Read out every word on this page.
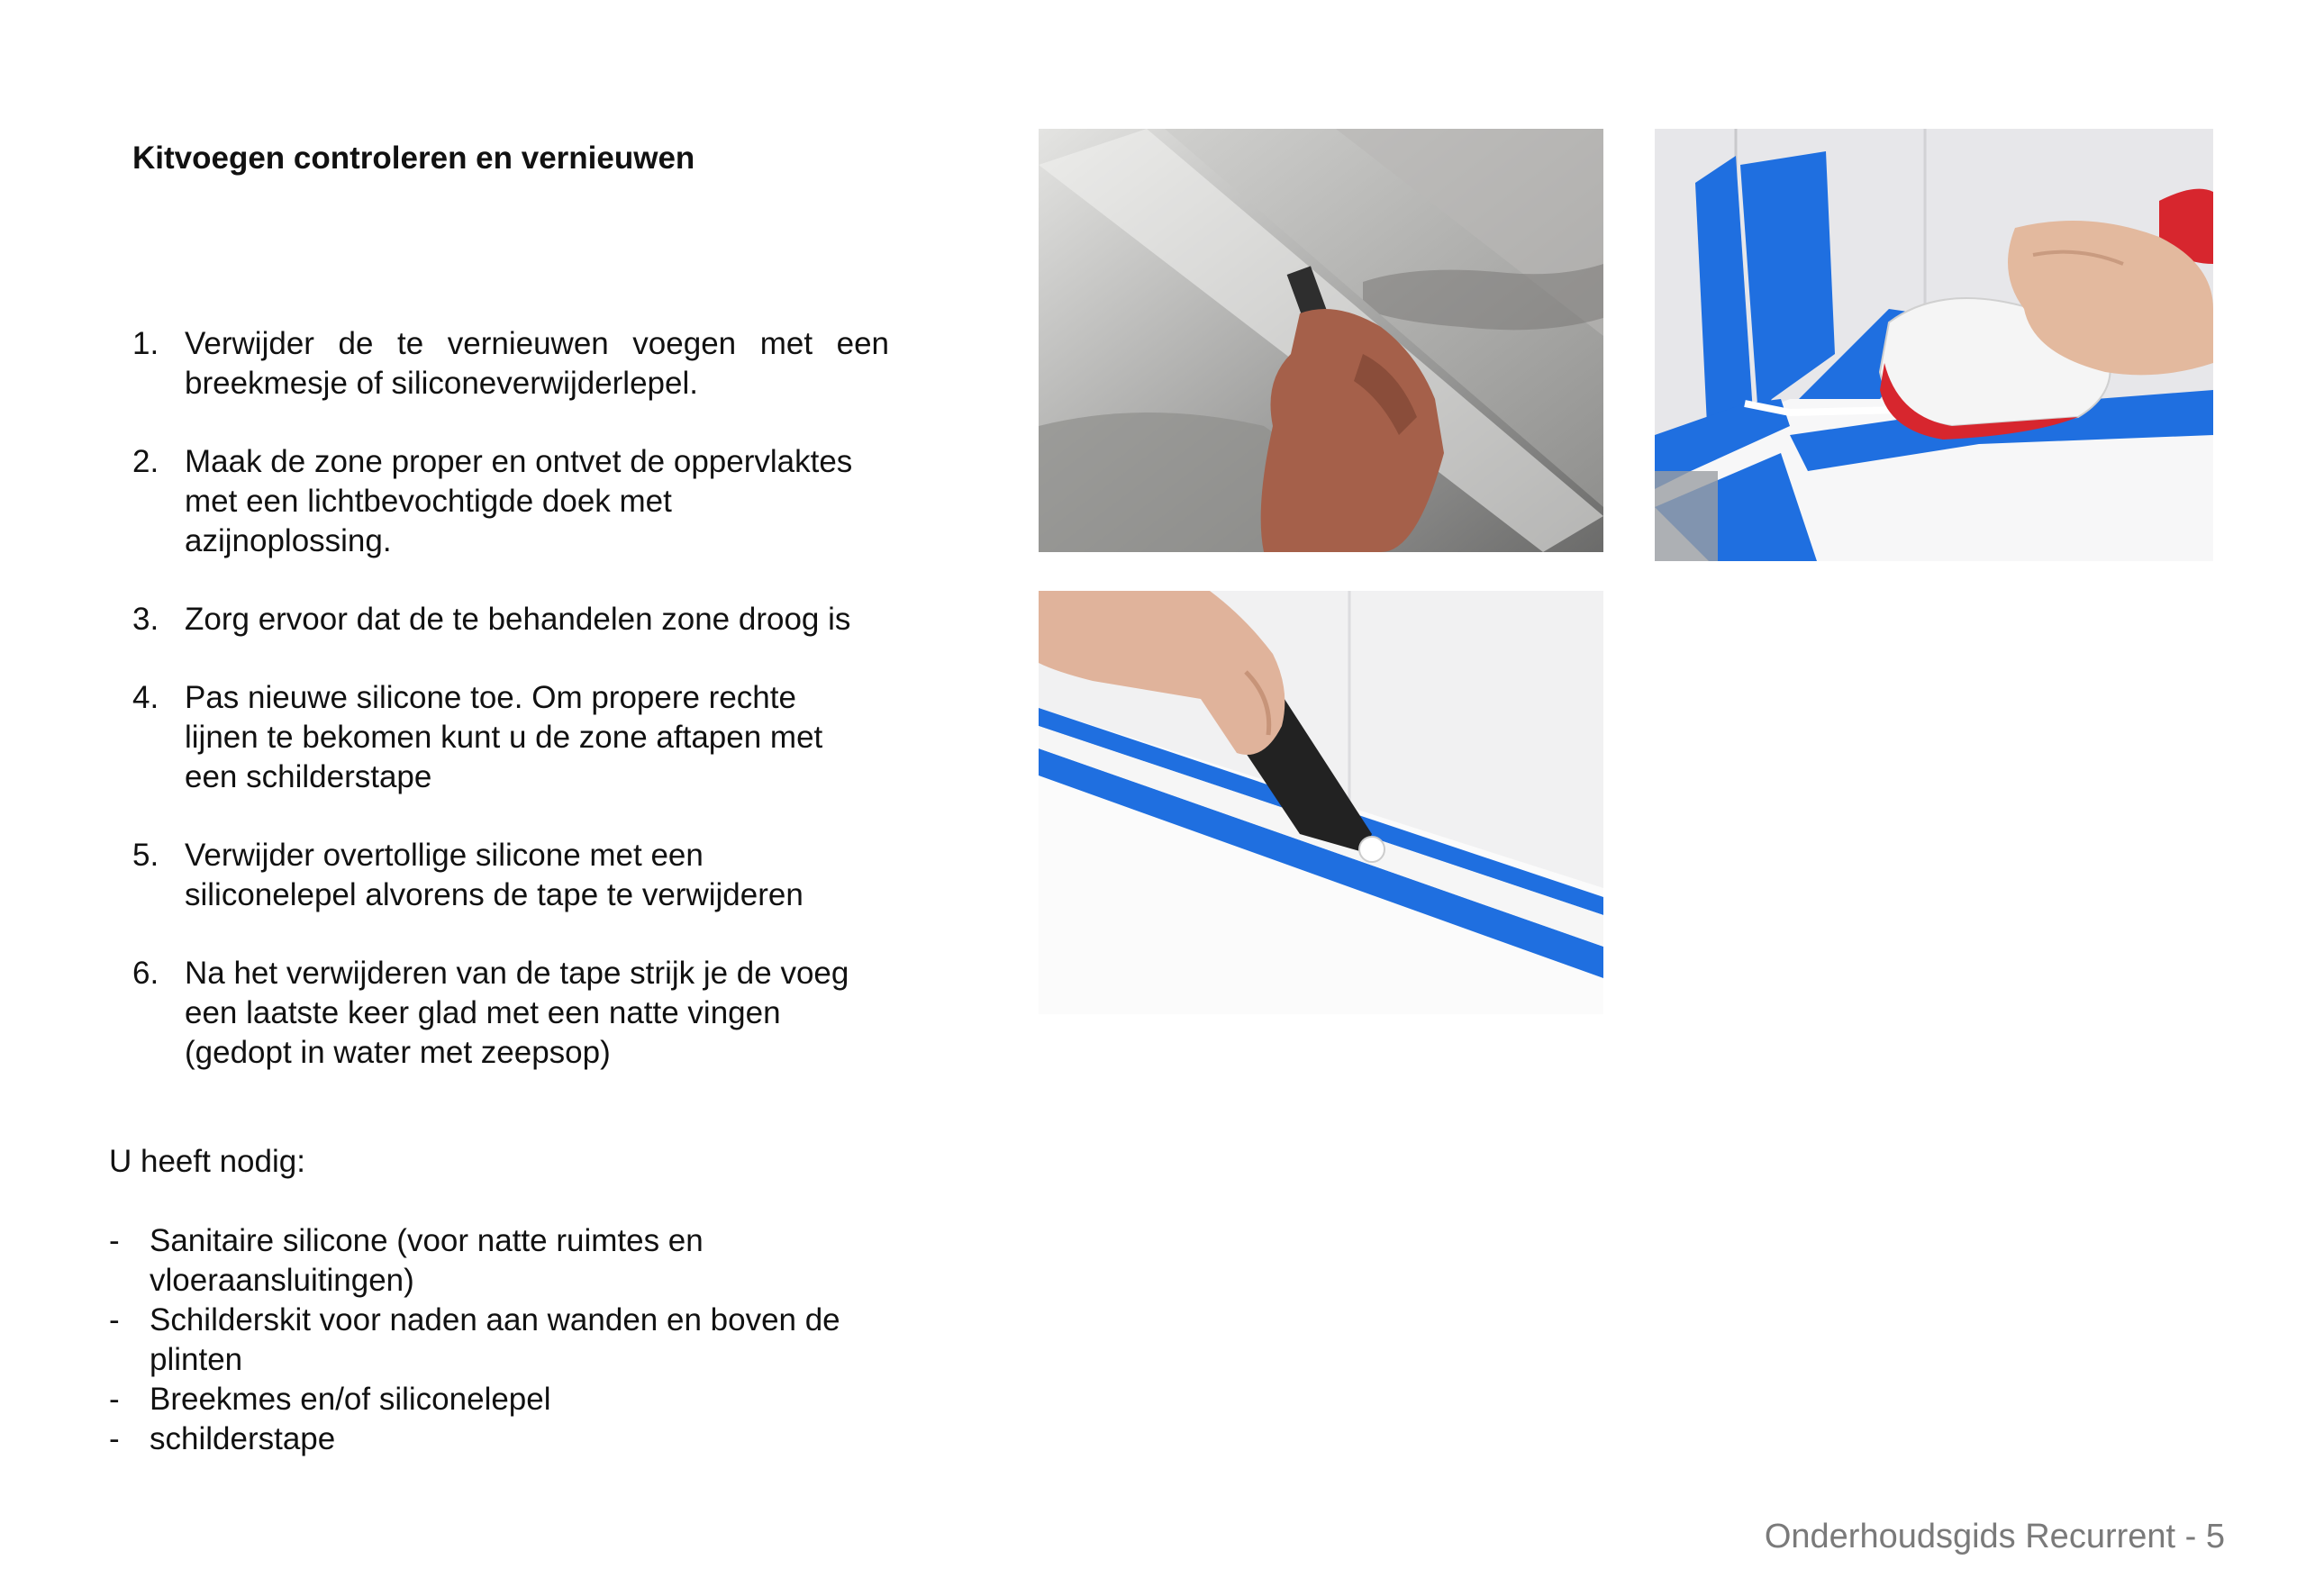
Kitvoegen controleren en vernieuwen
1. Verwijder de te vernieuwen voegen met een breekmesje of siliconeverwijderlepel.
2. Maak de zone proper en ontvet de oppervlaktes met een lichtbevochtigde doek met azijnoplossing.
3. Zorg ervoor dat de te behandelen zone droog is
4. Pas nieuwe silicone toe. Om propere rechte lijnen te bekomen kunt u de zone aftapen met een schilderstape
5. Verwijder overtollige silicone met een siliconelepel alvorens de tape te verwijderen
6. Na het verwijderen van de tape strijk je de voeg een laatste keer glad met een natte vingen (gedopt in water met zeepsop)
U heeft nodig:
- Sanitaire silicone (voor natte ruimtes en vloeraansluitingen)
- Schilderskit voor naden aan wanden en boven de plinten
- Breekmes en/of siliconelepel
- schilderstape
Onderhoudsgids Recurrent - 5
